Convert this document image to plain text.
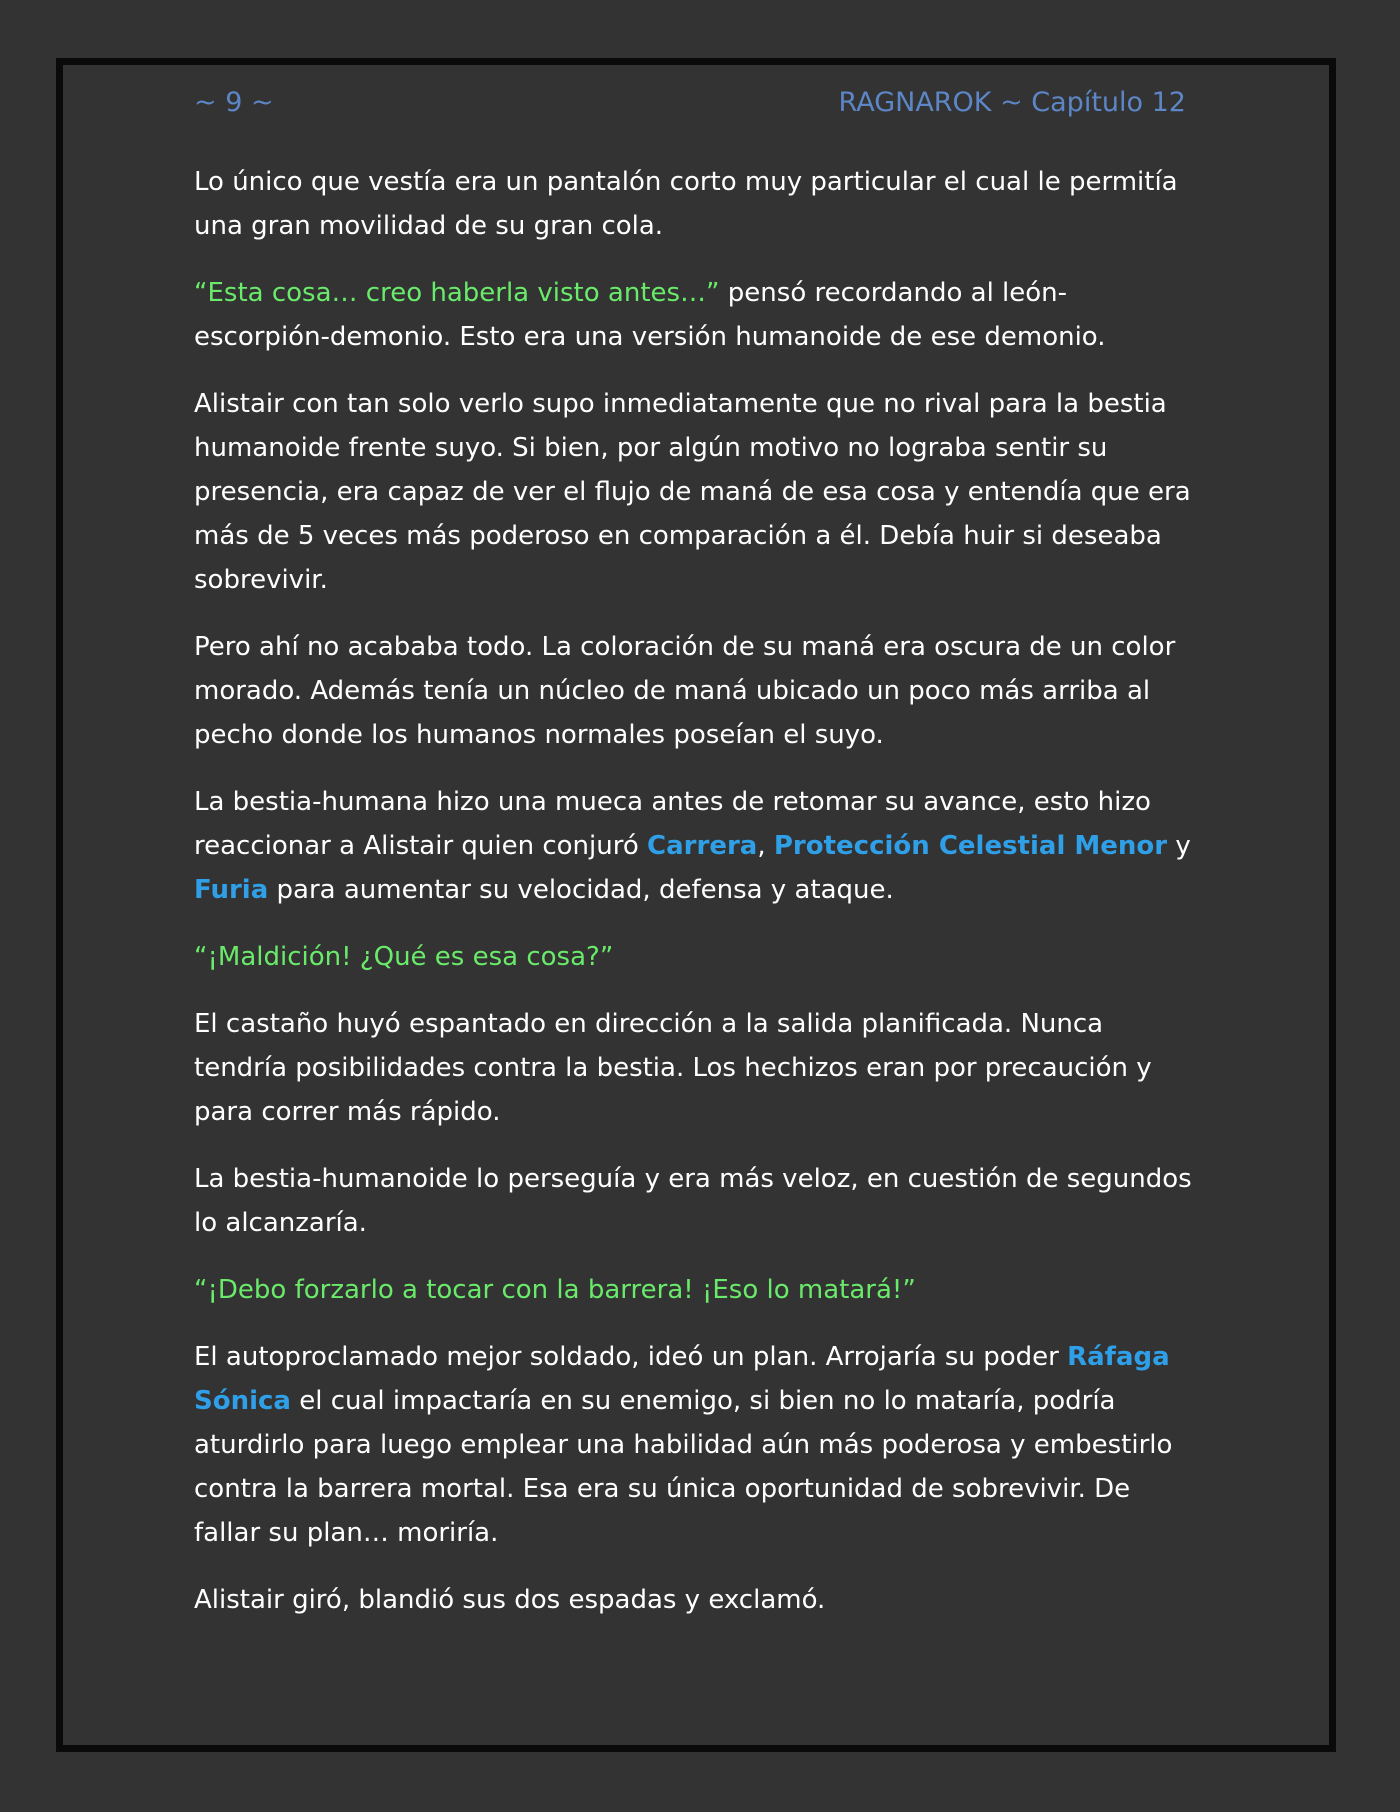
~ 9 ~	RAGNAROK ~ Capítulo 12

Lo único que vestía era un pantalón corto muy particular el cual le permitía una gran movilidad de su gran cola.

“Esta cosa… creo haberla visto antes…” pensó recordando al león-escorpión-demonio. Esto era una versión humanoide de ese demonio.

Alistair con tan solo verlo supo inmediatamente que no rival para la bestia humanoide frente suyo. Si bien, por algún motivo no lograba sentir su presencia, era capaz de ver el flujo de maná de esa cosa y entendía que era más de 5 veces más poderoso en comparación a él. Debía huir si deseaba sobrevivir.

Pero ahí no acababa todo. La coloración de su maná era oscura de un color morado. Además tenía un núcleo de maná ubicado un poco más arriba al pecho donde los humanos normales poseían el suyo.

La bestia-humana hizo una mueca antes de retomar su avance, esto hizo reaccionar a Alistair quien conjuró Carrera, Protección Celestial Menor y Furia para aumentar su velocidad, defensa y ataque.

“¡Maldición! ¿Qué es esa cosa?”

El castaño huyó espantado en dirección a la salida planificada. Nunca tendría posibilidades contra la bestia. Los hechizos eran por precaución y para correr más rápido.

La bestia-humanoide lo perseguía y era más veloz, en cuestión de segundos lo alcanzaría.

“¡Debo forzarlo a tocar con la barrera! ¡Eso lo matará!”

El autoproclamado mejor soldado, ideó un plan. Arrojaría su poder Ráfaga Sónica el cual impactaría en su enemigo, si bien no lo mataría, podría aturdirlo para luego emplear una habilidad aún más poderosa y embestirlo contra la barrera mortal. Esa era su única oportunidad de sobrevivir. De fallar su plan… moriría.

Alistair giró, blandió sus dos espadas y exclamó.
